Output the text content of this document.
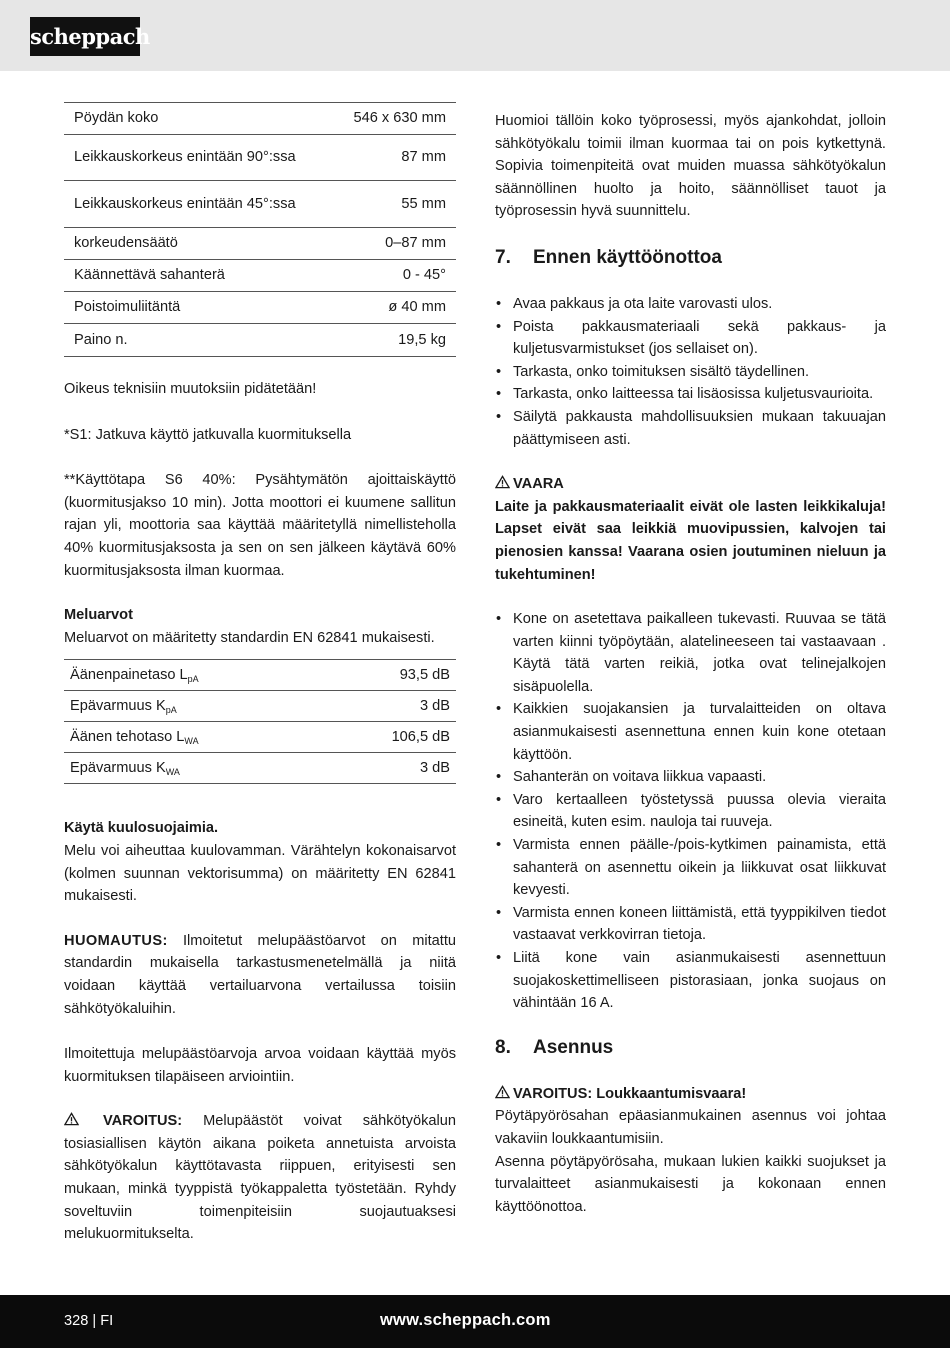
scheppach
Pöydän koko	546 x 630 mm
Leikkauskorkeus enintään 90°:ssa	87 mm
Leikkauskorkeus enintään 45°:ssa	55 mm
korkeudensäätö	0–87 mm
Käännettävä sahanterä	0 - 45°
Poistoimuliitäntä	ø 40 mm
Paino n.	19,5 kg

Oikeus teknisiin muutoksiin pidätetään!

*S1: Jatkuva käyttö jatkuvalla kuormituksella

**Käyttötapa S6 40%: Pysähtymätön ajoittaiskäyttö (kuormitusjakso 10 min). Jotta moottori ei kuumene sallitun rajan yli, moottoria saa käyttää määritetyllä nimellisteholla 40% kuormitusjaksosta ja sen on sen jälkeen käytävä 60% kuormitusjaksosta ilman kuormaa.

Meluarvot

Meluarvot on määritetty standardin EN 62841 mukaisesti.

Äänenpainetaso $L_{pA}$	93,5 dB
Epävarmuus $K_{pA}$	3 dB
Äänen tehotaso $L_{WA}$	106,5 dB
Epävarmuus $K_{WA}$	3 dB

Käytä kuulosuojaimia.

Melu voi aiheuttaa kuulovamman. Värähtelyn kokonaisarvot (kolmen suunnan vektorisumma) on määritetty EN 62841 mukaisesti.

HUOMAUTUS: Ilmoitetut melupäästöarvot on mitattu standardin mukaisella tarkastusmenetelmällä ja niitä voidaan käyttää vertailuarvona vertailussa toisiin sähkötyökaluihin.

Ilmoitettuja melupäästöarvoja arvoa voidaan käyttää myös kuormituksen tilapäiseen arviointiin.

VAROITUS: Melupäästöt voivat sähkötyökalun tosiasiallisen käytön aikana poiketa annetuista arvoista sähkötyökalun käyttötavasta riippuen, erityisesti sen mukaan, minkä tyyppistä työkappaletta työstetään. Ryhdy soveltuviin toimenpiteisiin suojautuaksesi melukuormitukselta.

Huomioi tällöin koko työprosessi, myös ajankohdat, jolloin sähkötyökalu toimii ilman kuormaa tai on pois kytkettynä. Sopivia toimenpiteitä ovat muiden muassa sähkötyökalun säännöllinen huolto ja hoito, säännölliset tauot ja työprosessin hyvä suunnittelu.

7. Ennen käyttöönottoa
• Avaa pakkaus ja ota laite varovasti ulos.
• Poista pakkausmateriaali sekä pakkaus- ja kuljetusvarmistukset (jos sellaiset on).
• Tarkasta, onko toimituksen sisältö täydellinen.
• Tarkasta, onko laitteessa tai lisäosissa kuljetusvaurioita.
• Säilytä pakkausta mahdollisuuksien mukaan takuuajan päättymiseen asti.

VAARA

Laite ja pakkausmateriaalit eivät ole lasten leikkikaluja! Lapset eivät saa leikkiä muovipussien, kalvojen tai pienosien kanssa! Vaarana osien joutuminen nieluun ja tukehtuminen!

• Kone on asetettava paikalleen tukevasti. Ruuvaa se tätä varten kiinni työpöytään, alatelineeseen tai vastaavaan . Käytä tätä varten reikiä, jotka ovat telinejalkojen sisäpuolella.
• Kaikkien suojakansien ja turvalaitteiden on oltava asianmukaisesti asennettuna ennen kuin kone otetaan käyttöön.
• Sahanterän on voitava liikkua vapaasti.
• Varo kertaalleen työstetyssä puussa olevia vieraita esineitä, kuten esim. nauloja tai ruuveja.
• Varmista ennen päälle-/pois-kytkimen painamista, että sahanterä on asennettu oikein ja liikkuvat osat liikkuvat kevyesti.
• Varmista ennen koneen liittämistä, että tyyppikilven tiedot vastaavat verkkovirran tietoja.
• Liitä kone vain asianmukaisesti asennettuun suojakoskettimelliseen pistorasiaan, jonka suojaus on vähintään 16 A.
8. Asennus

VAROITUS: Loukkaantumisvaara!

Pöytäpyörösahan epäasianmukainen asennus voi johtaa vakaviin loukkaantumisiin.

Asenna pöytäpyörösaha, mukaan lukien kaikki suojukset ja turvalaitteet asianmukaisesti ja kokonaan ennen käyttöönottoa.

328 | FI	www.scheppach.com
